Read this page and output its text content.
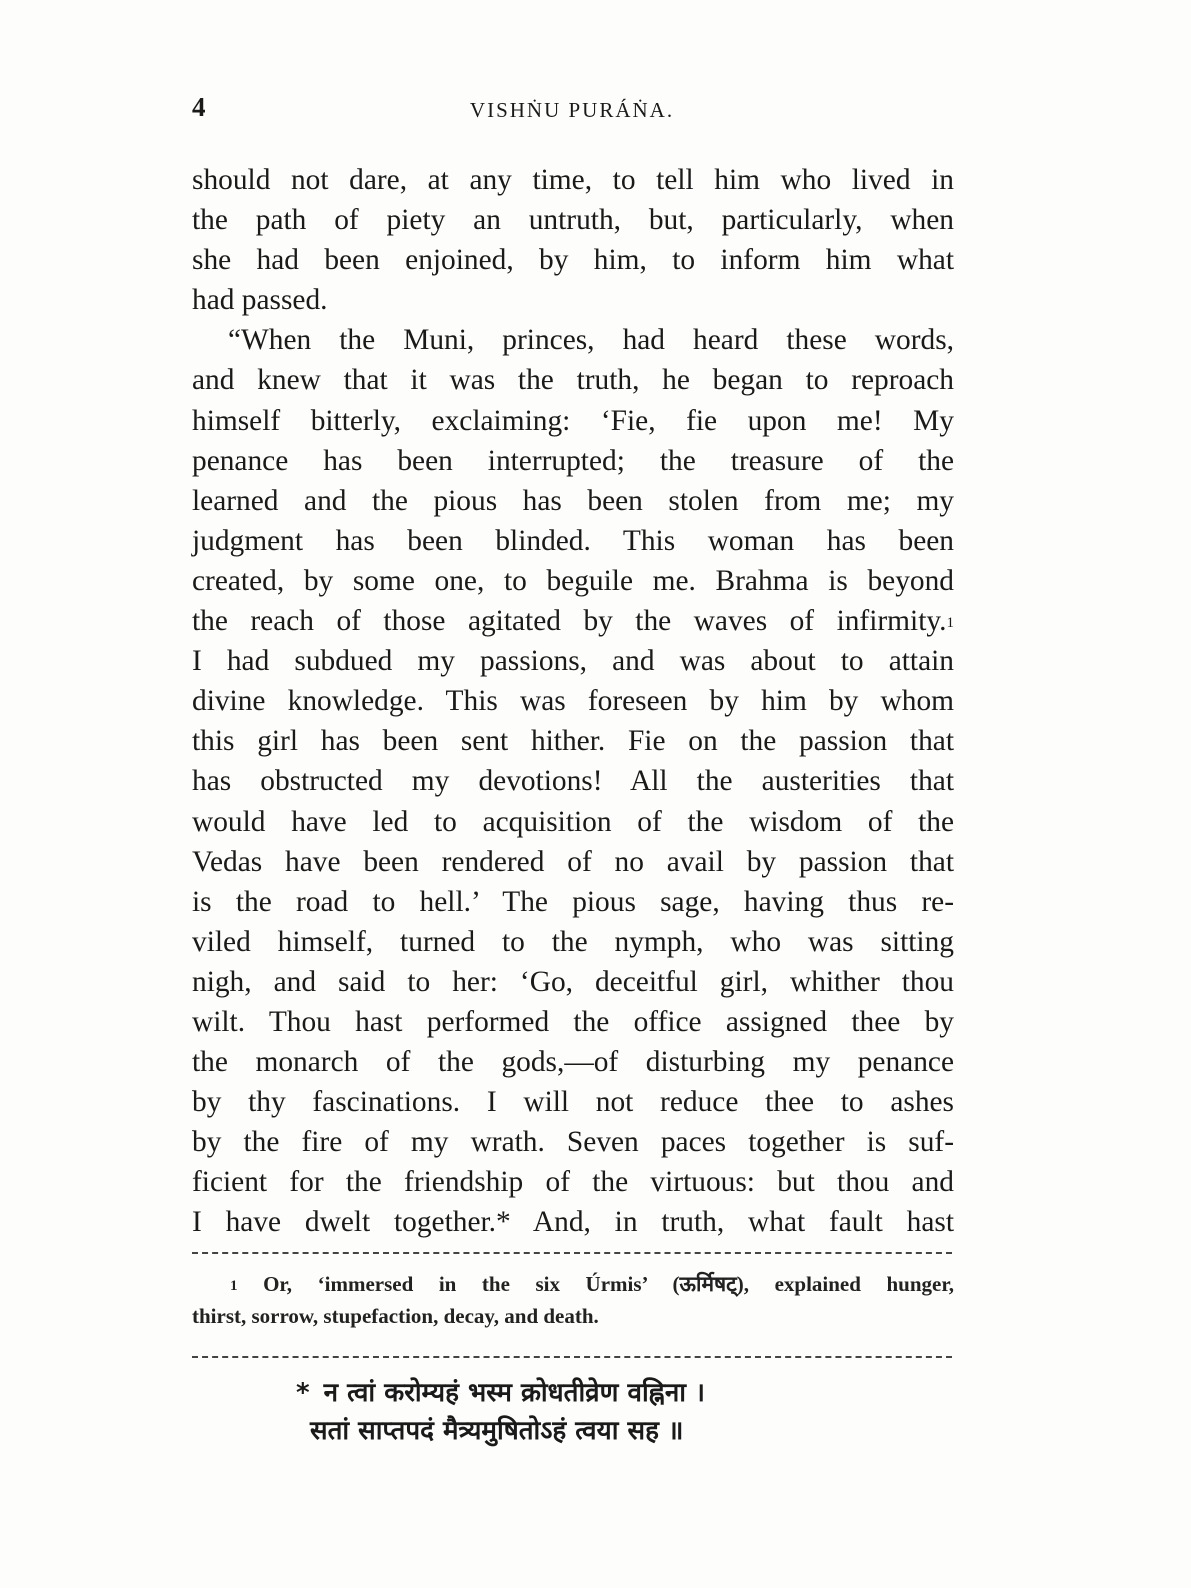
4	VISHṄU PURÁṄA.
should not dare, at any time, to tell him who lived in
the path of piety an untruth, but, particularly, when
she had been enjoined, by him, to inform him what
had passed.
“When the Muni, princes, had heard these words,
and knew that it was the truth, he began to reproach
himself bitterly, exclaiming: ‘Fie, fie upon me! My
penance has been interrupted; the treasure of the
learned and the pious has been stolen from me; my
judgment has been blinded. This woman has been
created, by some one, to beguile me. Brahma is beyond
the reach of those agitated by the waves of infirmity.$^1$
I had subdued my passions, and was about to attain
divine knowledge. This was foreseen by him by whom
this girl has been sent hither. Fie on the passion that
has obstructed my devotions! All the austerities that
would have led to acquisition of the wisdom of the
Vedas have been rendered of no avail by passion that
is the road to hell.’ The pious sage, having thus re-
viled himself, turned to the nymph, who was sitting
nigh, and said to her: ‘Go, deceitful girl, whither thou
wilt. Thou hast performed the office assigned thee by
the monarch of the gods,—of disturbing my penance
by thy fascinations. I will not reduce thee to ashes
by the fire of my wrath. Seven paces together is suf-
ficient for the friendship of the virtuous: but thou and
I have dwelt together.* And, in truth, what fault hast
$^1$ Or, ‘immersed in the six Úrmis’ (ऊर्मिषट्), explained hunger,
thirst, sorrow, stupefaction, decay, and death.
* न त्वां करोम्यहं भस्म क्रोधतीव्रेण वह्निना ।
सतां साप्तपदं मैत्र्यमुषितोऽहं त्वया सह ॥
